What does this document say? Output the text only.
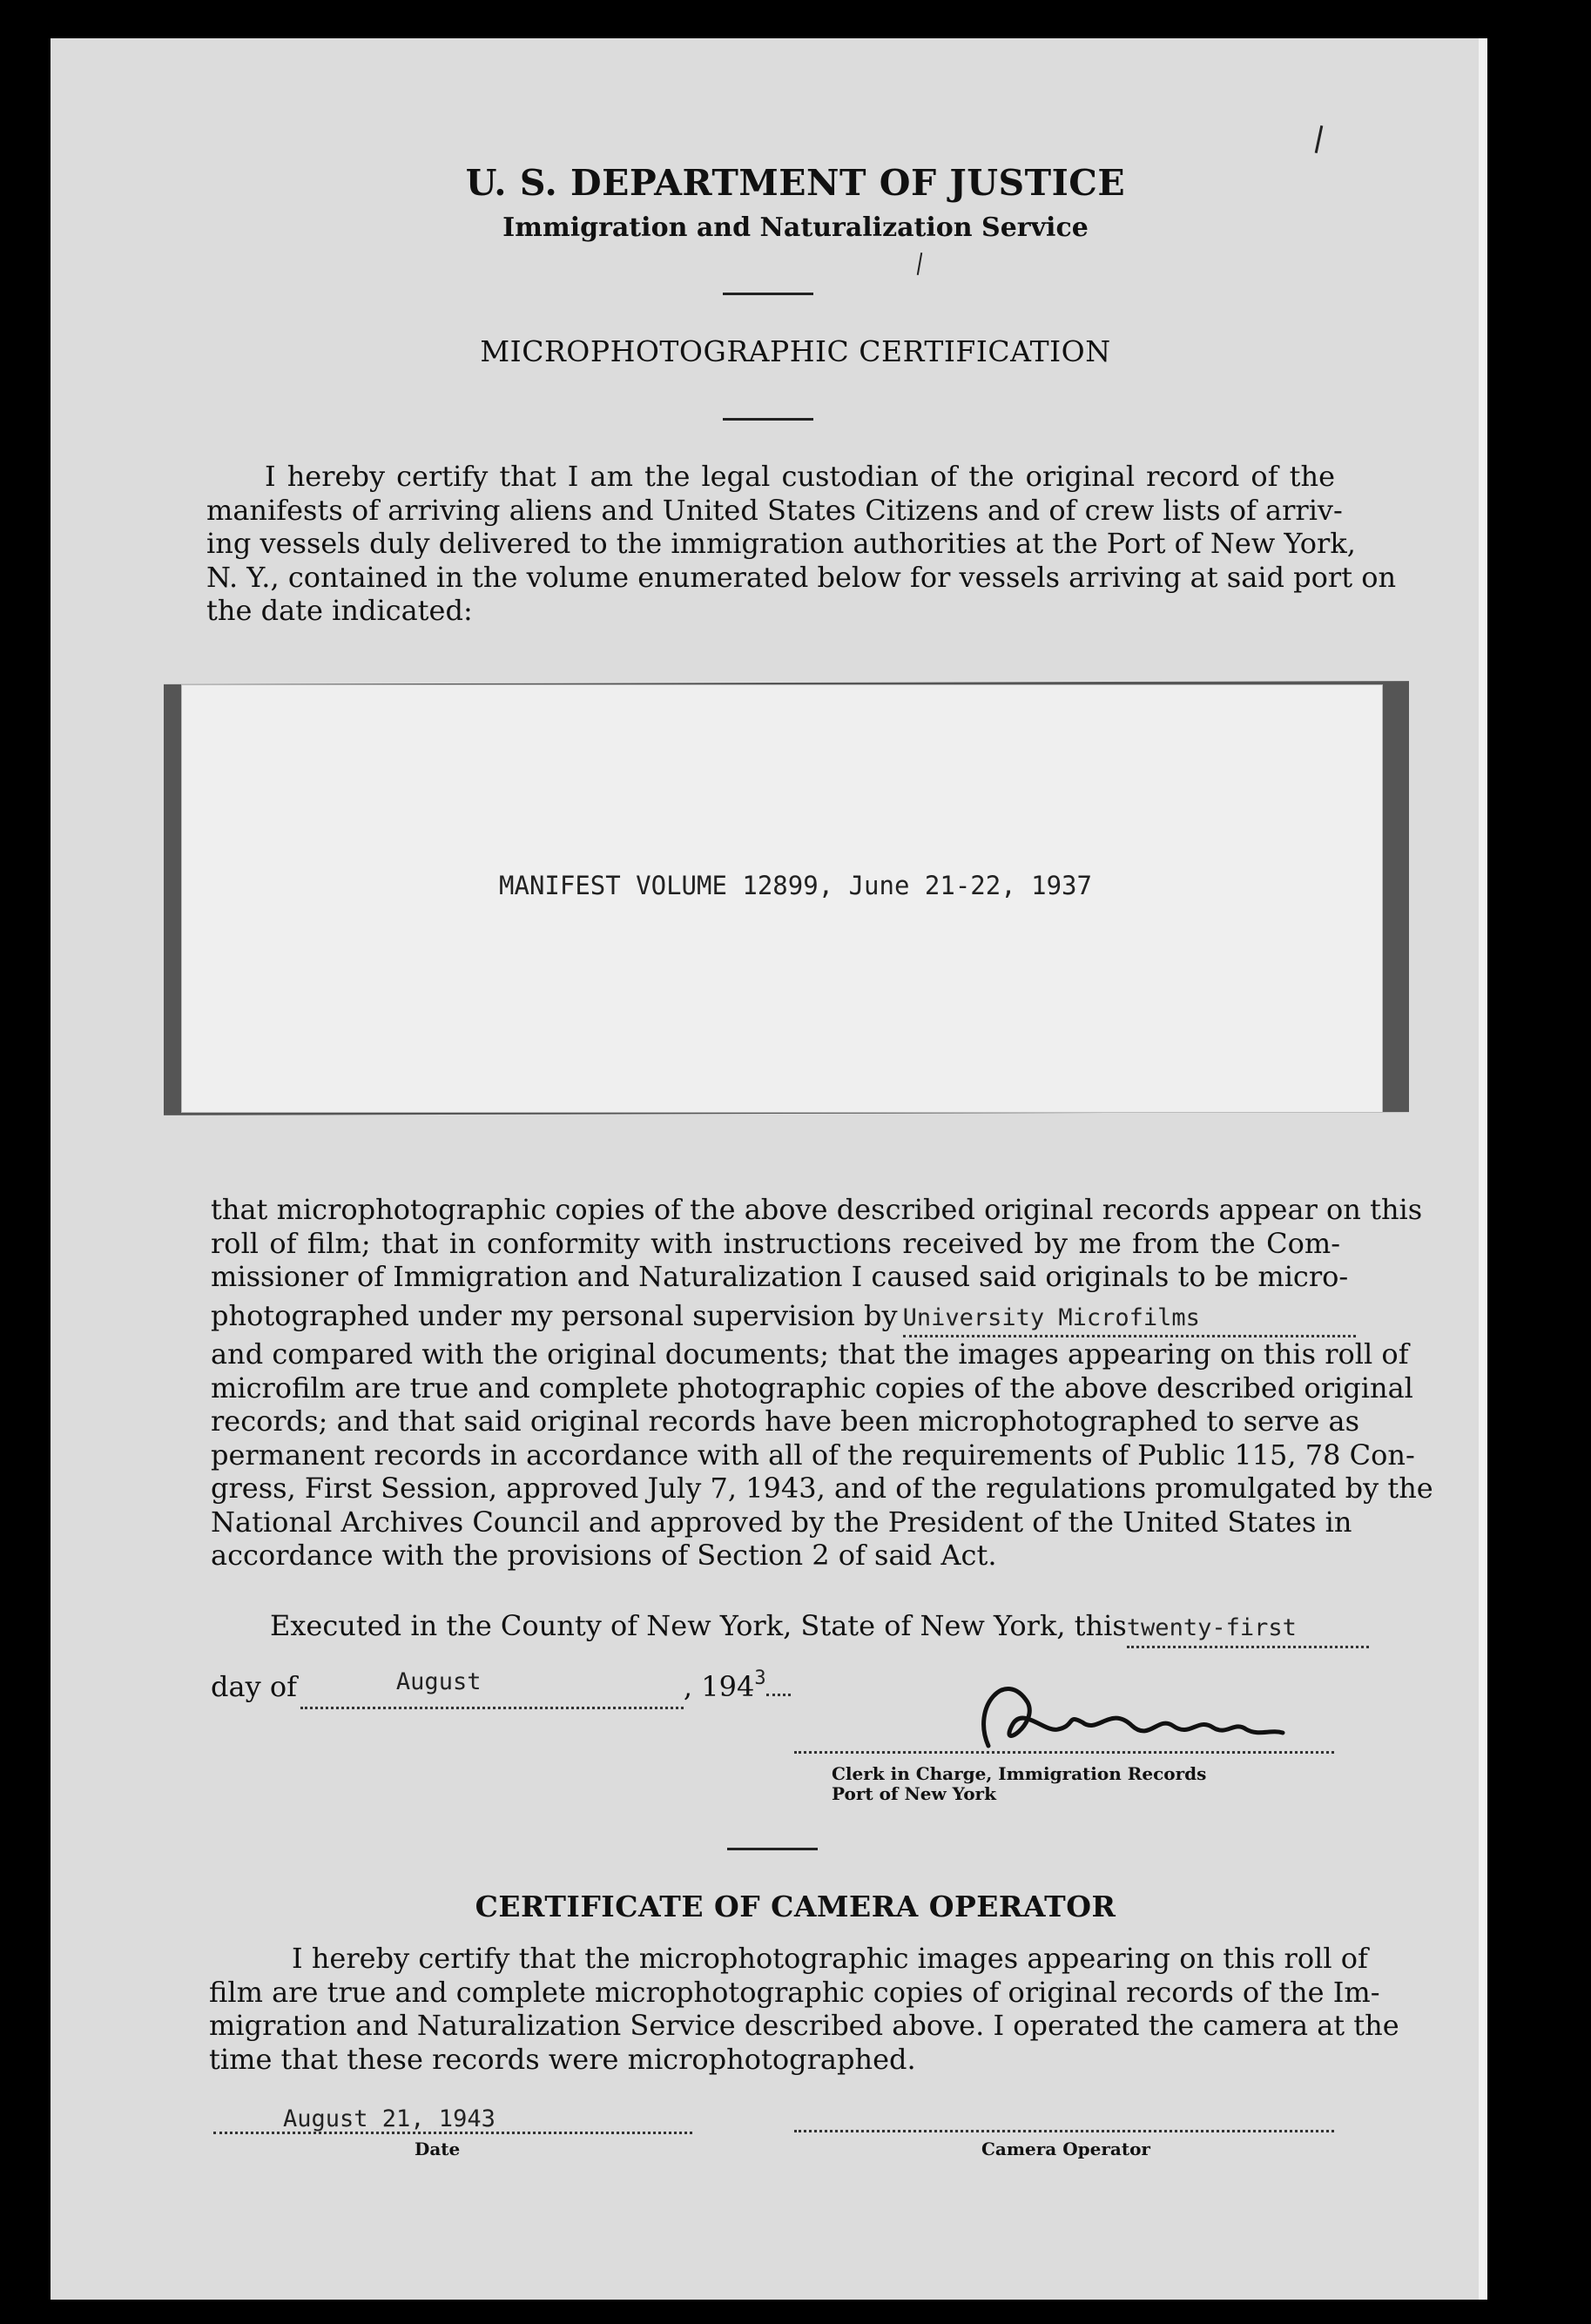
U. S. DEPARTMENT OF JUSTICE
Immigration and Naturalization Service
MICROPHOTOGRAPHIC CERTIFICATION
I hereby certify that I am the legal custodian of the original record of the
manifests of arriving aliens and United States Citizens and of crew lists of arriv-
ing vessels duly delivered to the immigration authorities at the Port of New York,
N. Y., contained in the volume enumerated below for vessels arriving at said port on
the date indicated:
MANIFEST VOLUME 12899, June 21-22, 1937
that microphotographic copies of the above described original records appear on this
roll of film; that in conformity with instructions received by me from the Com-
missioner of Immigration and Naturalization I caused said originals to be micro-
photographed under my personal supervision by University Microfilms
and compared with the original documents; that the images appearing on this roll of
microfilm are true and complete photographic copies of the above described original
records; and that said original records have been microphotographed to serve as
permanent records in accordance with all of the requirements of Public 115, 78 Con-
gress, First Session, approved July 7, 1943, and of the regulations promulgated by the
National Archives Council and approved by the President of the United States in
accordance with the provisions of Section 2 of said Act.
Executed in the County of New York, State of New York, thistwenty-first
day of	$^{August}$	, $194^3$
Clerk in Charge, Immigration Records
Port of New York
CERTIFICATE OF CAMERA OPERATOR
I hereby certify that the microphotographic images appearing on this roll of
film are true and complete microphotographic copies of original records of the Im-
migration and Naturalization Service described above. I operated the camera at the
time that these records were microphotographed.
August 21, 1943
Date	Camera Operator
